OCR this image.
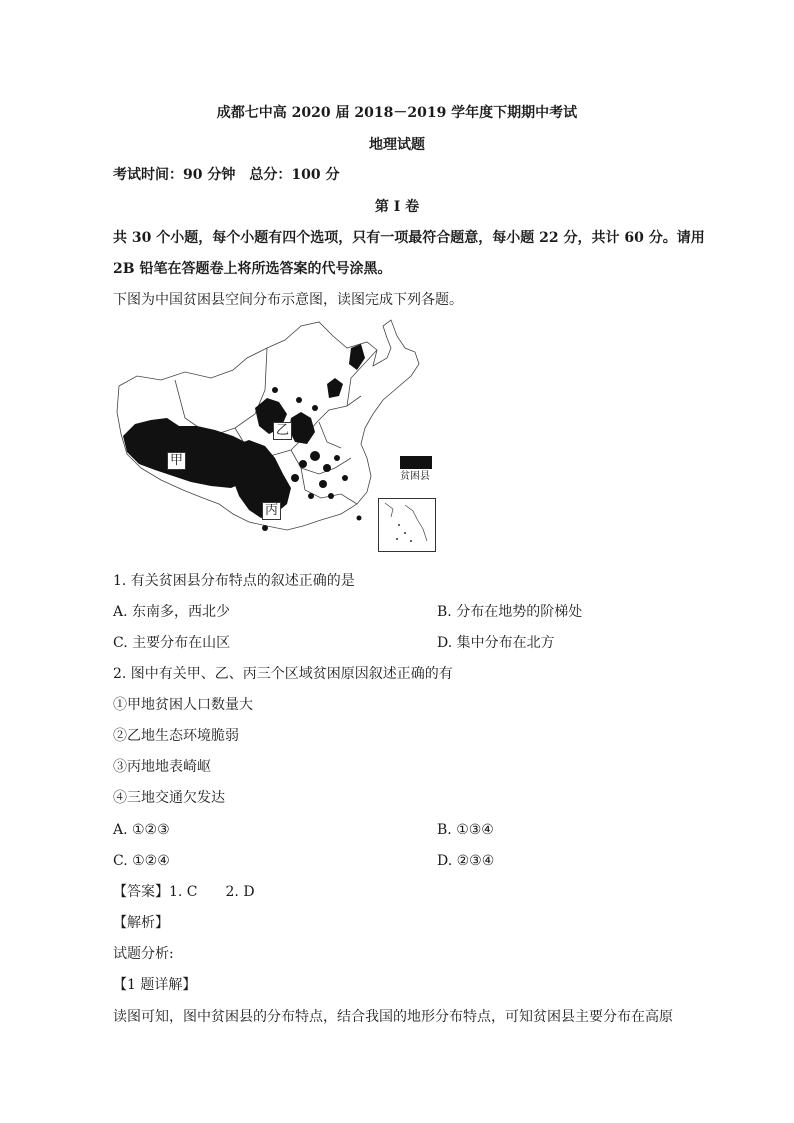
成都七中高 2020 届 2018－2019 学年度下期期中考试
地理试题
考试时间：90 分钟　总分：100 分
第 I 卷
共 30 个小题，每个小题有四个选项，只有一项最符合题意，每小题 22 分，共计 60 分。请用
2B 铅笔在答题卷上将所选答案的代号涂黑。
下图为中国贫困县空间分布示意图，读图完成下列各题。
甲
乙
丙
贫困县
1. 有关贫困县分布特点的叙述正确的是
A. 东南多，西北少	B. 分布在地势的阶梯处
C. 主要分布在山区	D. 集中分布在北方
2. 图中有关甲、乙、丙三个区域贫困原因叙述正确的有
①甲地贫困人口数量大
②乙地生态环境脆弱
③丙地地表崎岖
④三地交通欠发达
A. ①②③	B. ①③④
C. ①②④	D. ②③④
【答案】1. C　　2. D
【解析】
试题分析:
【1 题详解】
读图可知，图中贫困县的分布特点，结合我国的地形分布特点，可知贫困县主要分布在高原
